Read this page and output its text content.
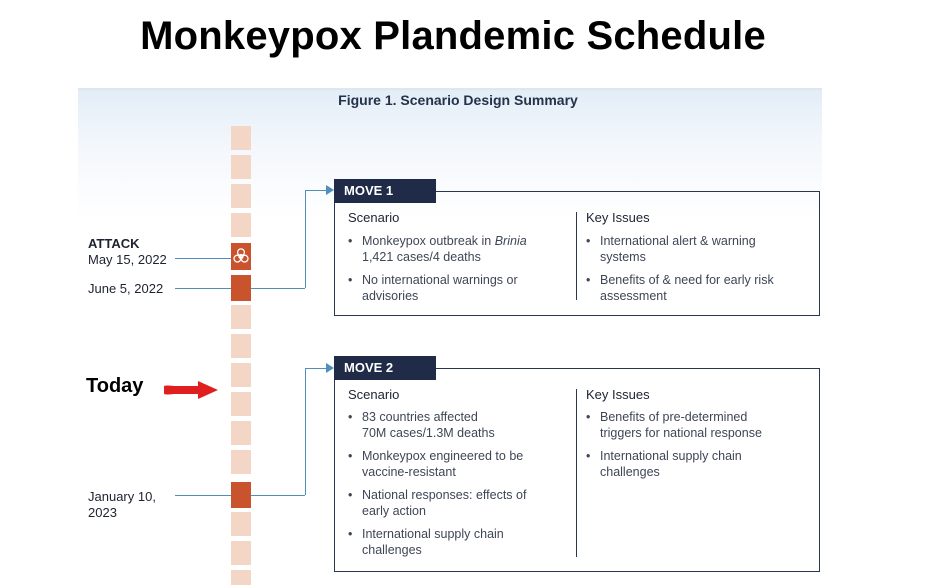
Monkeypox Plandemic Schedule
Figure 1. Scenario Design Summary
ATTACK
May 15, 2022
June 5, 2022
January 10,
2023
Today
MOVE 1
Scenario	Key Issues
• Monkeypox outbreak in Brinia
1,421 cases/4 deaths
• No international warnings or
advisories
• International alert & warning
systems
• Benefits of & need for early risk
assessment
MOVE 2
Scenario	Key Issues
• 83 countries affected
70M cases/1.3M deaths
• Monkeypox engineered to be
vaccine-resistant
• National responses: effects of
early action
• International supply chain
challenges
• Benefits of pre-determined
triggers for national response
• International supply chain
challenges
